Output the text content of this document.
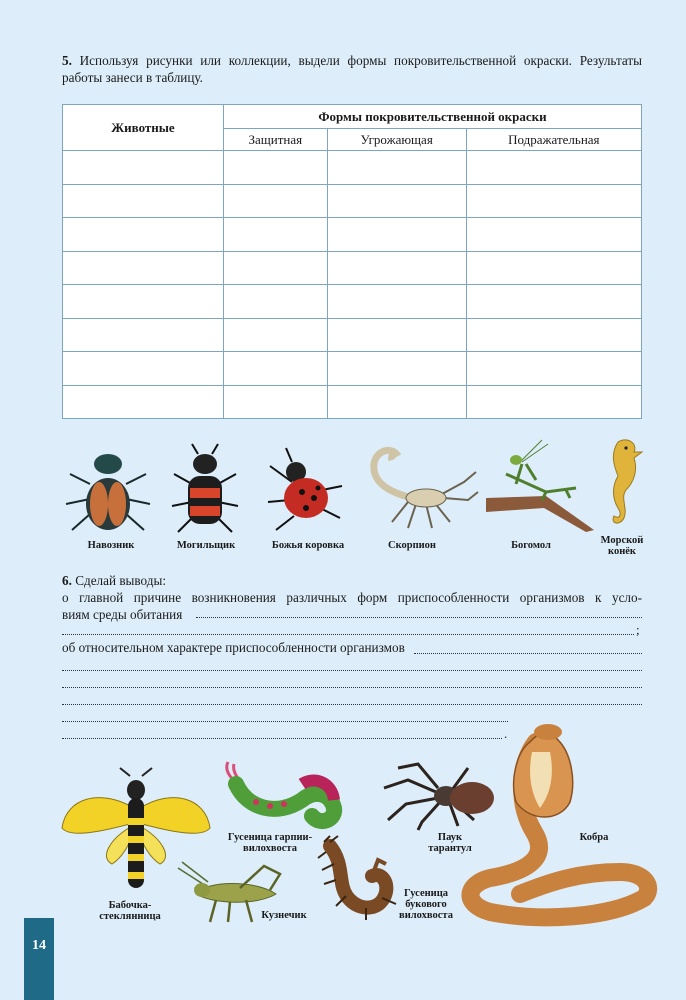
5. Используя рисунки или коллекции, выдели формы покровительственной окраски. Результаты работы занеси в таблицу.
Животные	Формы покровительственной окраски		
	Защитная	Угрожающая	Подражательная

Навозник	Могильщик	Божья коровка	Скорпион	Богомол	Морской конёк
6. Сделай выводы:
о главной причине возникновения различных форм приспособленности организмов к усло-
виям среды обитания
;
об относительном характере приспособленности организмов
.
Бабочка-стеклянница
Гусеница гарпии-вилохвоста
Кузнечик
Гусеница букового вилохвоста
Паук тарантул
Кобра
14
